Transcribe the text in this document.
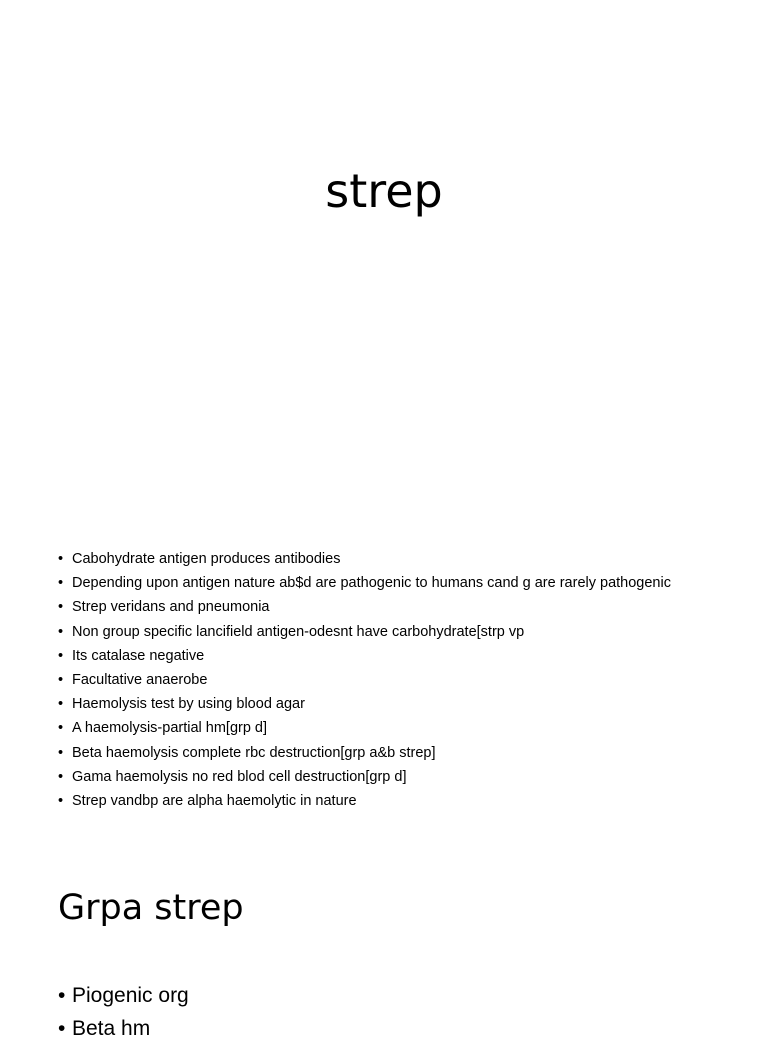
strep
• Cabohydrate antigen produces antibodies
• Depending upon antigen nature ab$d are pathogenic to humans cand g are rarely pathogenic
• Strep veridans and pneumonia
• Non group specific lancifield antigen-odesnt have carbohydrate[strp vp
• Its catalase negative
• Facultative anaerobe
• Haemolysis test by using blood agar
• A haemolysis-partial hm[grp d]
• Beta haemolysis complete rbc destruction[grp a&b strep]
• Gama haemolysis no red blod cell destruction[grp d]
• Strep vandbp are alpha haemolytic in nature
Grpa strep
• Piogenic org
• Beta hm
